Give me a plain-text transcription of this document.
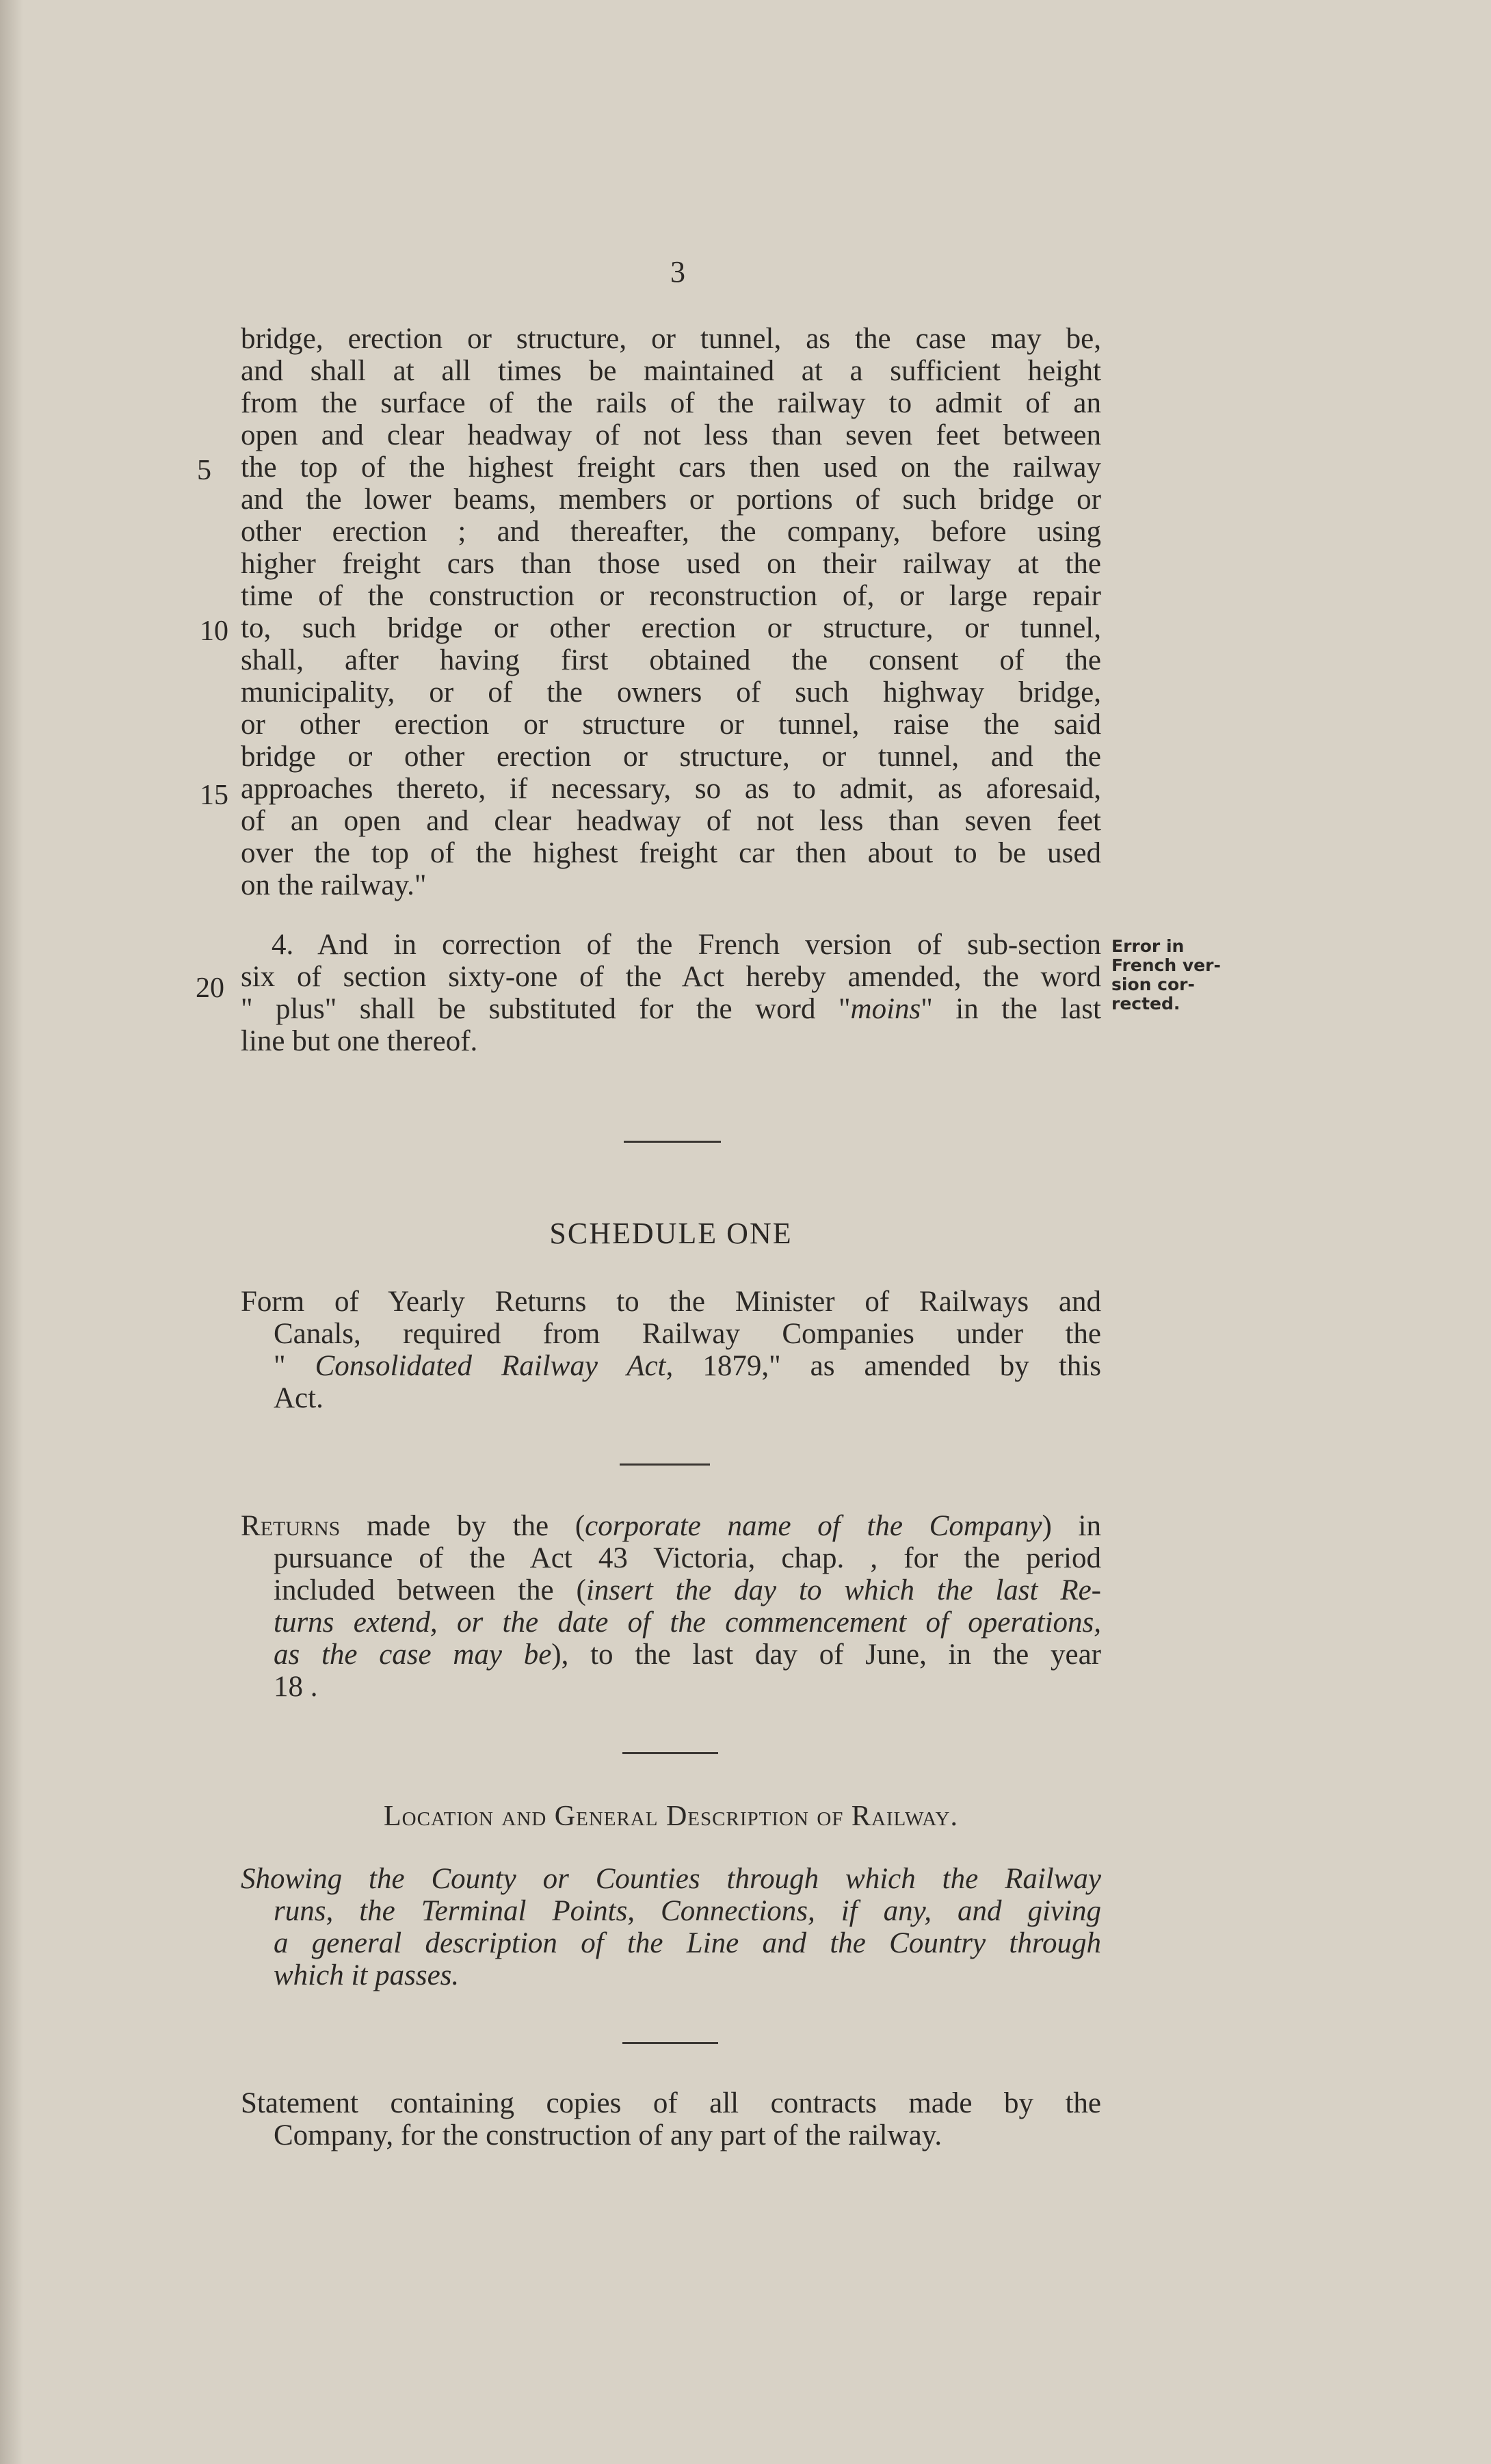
3
5
10
15
20
bridge, erection or structure, or tunnel, as the case may be,
and shall at all times be maintained at a sufficient height
from the surface of the rails of the railway to admit of an
open and clear headway of not less than seven feet between
the top of the highest freight cars then used on the railway
and the lower beams, members or portions of such bridge or
other erection ; and thereafter, the company, before using
higher freight cars than those used on their railway at the
time of the construction or reconstruction of, or large repair
to, such bridge or other erection or structure, or tunnel,
shall, after having first obtained the consent of the
municipality, or of the owners of such highway bridge,
or other erection or structure or tunnel, raise the said
bridge or other erection or structure, or tunnel, and the
approaches thereto, if necessary, so as to admit, as aforesaid,
of an open and clear headway of not less than seven feet
over the top of the highest freight car then about to be used
on the railway."
4. And in correction of the French version of sub-section
six of section sixty-one of the Act hereby amended, the word
" plus" shall be substituted for the word "moins" in the last
line but one thereof.
Error in
French ver-
sion cor-
rected.
SCHEDULE ONE
Form of Yearly Returns to the Minister of Railways and
Canals, required from Railway Companies under the
" Consolidated Railway Act, 1879," as amended by this
Act.
Returns made by the (corporate name of the Company) in
pursuance of the Act 43 Victoria, chap. , for the period
included between the (insert the day to which the last Re-
turns extend, or the date of the commencement of operations,
as the case may be), to the last day of June, in the year
18 .
Location and General Description of Railway.
Showing the County or Counties through which the Railway
runs, the Terminal Points, Connections, if any, and giving
a general description of the Line and the Country through
which it passes.
Statement containing copies of all contracts made by the
Company, for the construction of any part of the railway.
